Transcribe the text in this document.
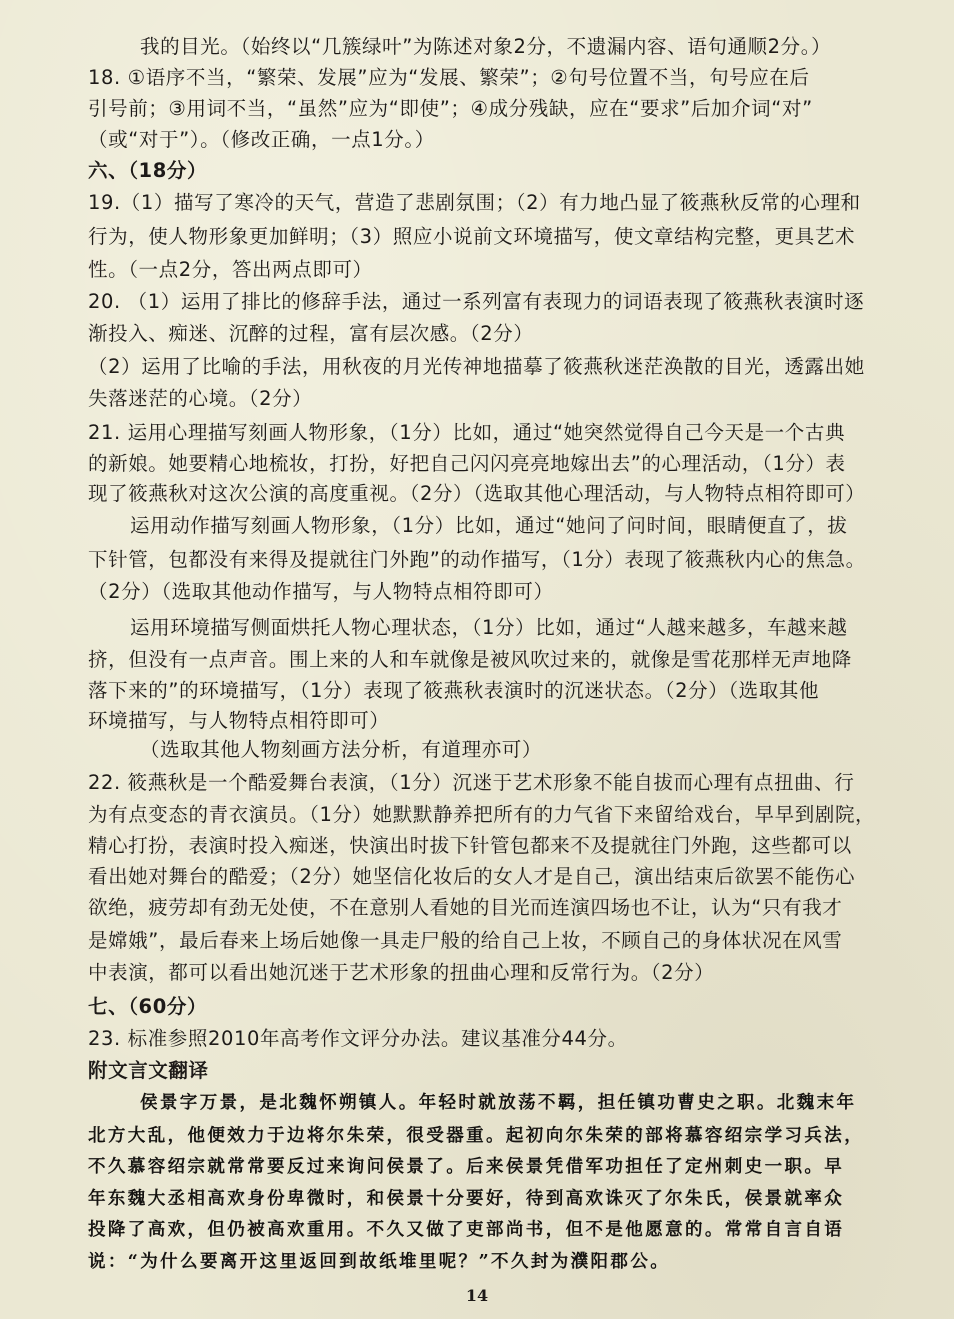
我的目光。（始终以“几簇绿叶”为陈述对象2分，不遗漏内容、语句通顺2分。）
18. ①语序不当，“繁荣、发展”应为“发展、繁荣”；②句号位置不当，句号应在后
引号前；③用词不当，“虽然”应为“即使”；④成分残缺，应在“要求”后加介词“对”
（或“对于”）。（修改正确，一点1分。）
六、（18分）
19.（1）描写了寒冷的天气，营造了悲剧氛围；（2）有力地凸显了筱燕秋反常的心理和
行为，使人物形象更加鲜明；（3）照应小说前文环境描写，使文章结构完整，更具艺术
性。（一点2分，答出两点即可）
20. （1）运用了排比的修辞手法，通过一系列富有表现力的词语表现了筱燕秋表演时逐
渐投入、痴迷、沉醉的过程，富有层次感。（2分）
（2）运用了比喻的手法，用秋夜的月光传神地描摹了筱燕秋迷茫涣散的目光，透露出她
失落迷茫的心境。（2分）
21. 运用心理描写刻画人物形象，（1分）比如，通过“她突然觉得自己今天是一个古典
的新娘。她要精心地梳妆，打扮，好把自己闪闪亮亮地嫁出去”的心理活动，（1分）表
现了筱燕秋对这次公演的高度重视。（2分）（选取其他心理活动，与人物特点相符即可）
运用动作描写刻画人物形象，（1分）比如，通过“她问了问时间，眼睛便直了，拔
下针管，包都没有来得及提就往门外跑”的动作描写，（1分）表现了筱燕秋内心的焦急。
（2分）（选取其他动作描写，与人物特点相符即可）
运用环境描写侧面烘托人物心理状态，（1分）比如，通过“人越来越多，车越来越
挤，但没有一点声音。围上来的人和车就像是被风吹过来的，就像是雪花那样无声地降
落下来的”的环境描写，（1分）表现了筱燕秋表演时的沉迷状态。（2分）（选取其他
环境描写，与人物特点相符即可）
（选取其他人物刻画方法分析，有道理亦可）
22. 筱燕秋是一个酷爱舞台表演，（1分）沉迷于艺术形象不能自拔而心理有点扭曲、行
为有点变态的青衣演员。（1分）她默默静养把所有的力气省下来留给戏台，早早到剧院，
精心打扮，表演时投入痴迷，快演出时拔下针管包都来不及提就往门外跑，这些都可以
看出她对舞台的酷爱；（2分）她坚信化妆后的女人才是自己，演出结束后欲罢不能伤心
欲绝，疲劳却有劲无处使，不在意别人看她的目光而连演四场也不让，认为“只有我才
是嫦娥”，最后春来上场后她像一具走尸般的给自己上妆，不顾自己的身体状况在风雪
中表演，都可以看出她沉迷于艺术形象的扭曲心理和反常行为。（2分）
七、（60分）
23. 标准参照2010年高考作文评分办法。建议基准分44分。
附文言文翻译
侯景字万景，是北魏怀朔镇人。年轻时就放荡不羁，担任镇功曹史之职。北魏末年
北方大乱，他便效力于边将尔朱荣，很受器重。起初向尔朱荣的部将慕容绍宗学习兵法，
不久慕容绍宗就常常要反过来询问侯景了。后来侯景凭借军功担任了定州刺史一职。早
年东魏大丞相高欢身份卑微时，和侯景十分要好，待到高欢诛灭了尔朱氏，侯景就率众
投降了高欢，但仍被高欢重用。不久又做了吏部尚书，但不是他愿意的。常常自言自语
说：“为什么要离开这里返回到故纸堆里呢？”不久封为濮阳郡公。
14
